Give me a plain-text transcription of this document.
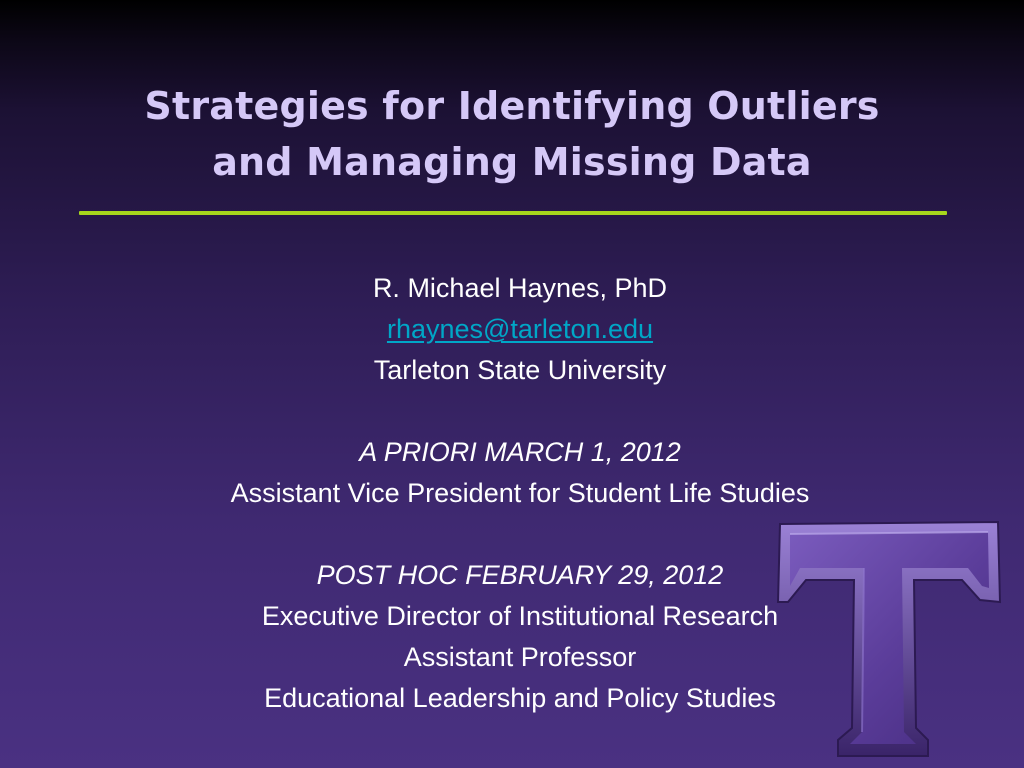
Strategies for Identifying Outliers
and Managing Missing Data
R. Michael Haynes, PhD
rhaynes@tarleton.edu
Tarleton State University
A PRIORI MARCH 1, 2012
Assistant Vice President for Student Life Studies
POST HOC FEBRUARY 29, 2012
Executive Director of Institutional Research
Assistant Professor
Educational Leadership and Policy Studies
